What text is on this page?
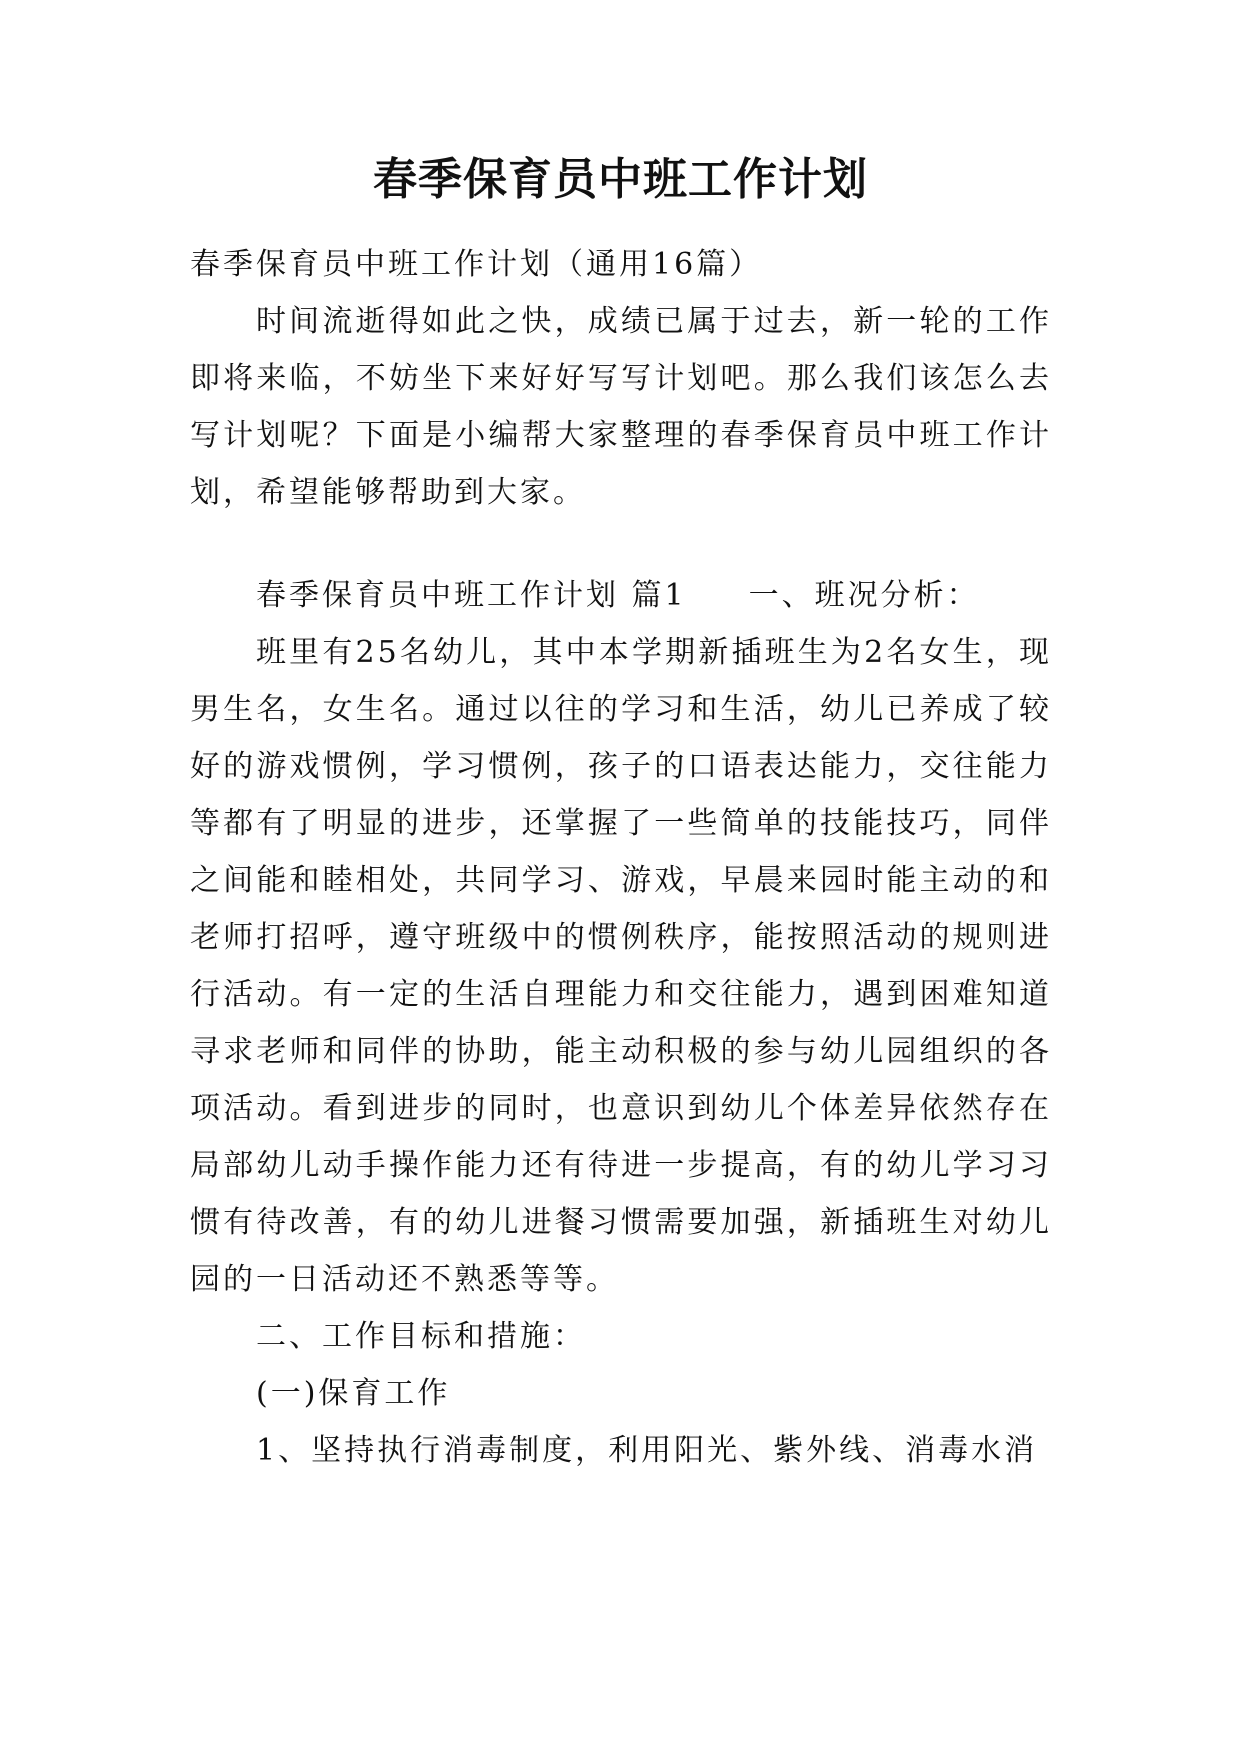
春季保育员中班工作计划

春季保育员中班工作计划（通用16篇）

时间流逝得如此之快，成绩已属于过去，新一轮的工作即将来临，不妨坐下来好好写写计划吧。那么我们该怎么去写计划呢？下面是小编帮大家整理的春季保育员中班工作计划，希望能够帮助到大家。

春季保育员中班工作计划 篇1 一、班况分析：

班里有25名幼儿，其中本学期新插班生为2名女生，现男生名，女生名。通过以往的学习和生活，幼儿已养成了较好的游戏惯例，学习惯例，孩子的口语表达能力，交往能力等都有了明显的进步，还掌握了一些简单的技能技巧，同伴之间能和睦相处，共同学习、游戏，早晨来园时能主动的和老师打招呼，遵守班级中的惯例秩序，能按照活动的规则进行活动。有一定的生活自理能力和交往能力，遇到困难知道寻求老师和同伴的协助，能主动积极的参与幼儿园组织的各项活动。看到进步的同时，也意识到幼儿个体差异依然存在局部幼儿动手操作能力还有待进一步提高，有的幼儿学习习惯有待改善，有的幼儿进餐习惯需要加强，新插班生对幼儿园的一日活动还不熟悉等等。

二、工作目标和措施：

(一)保育工作

1、坚持执行消毒制度，利用阳光、紫外线、消毒水消
